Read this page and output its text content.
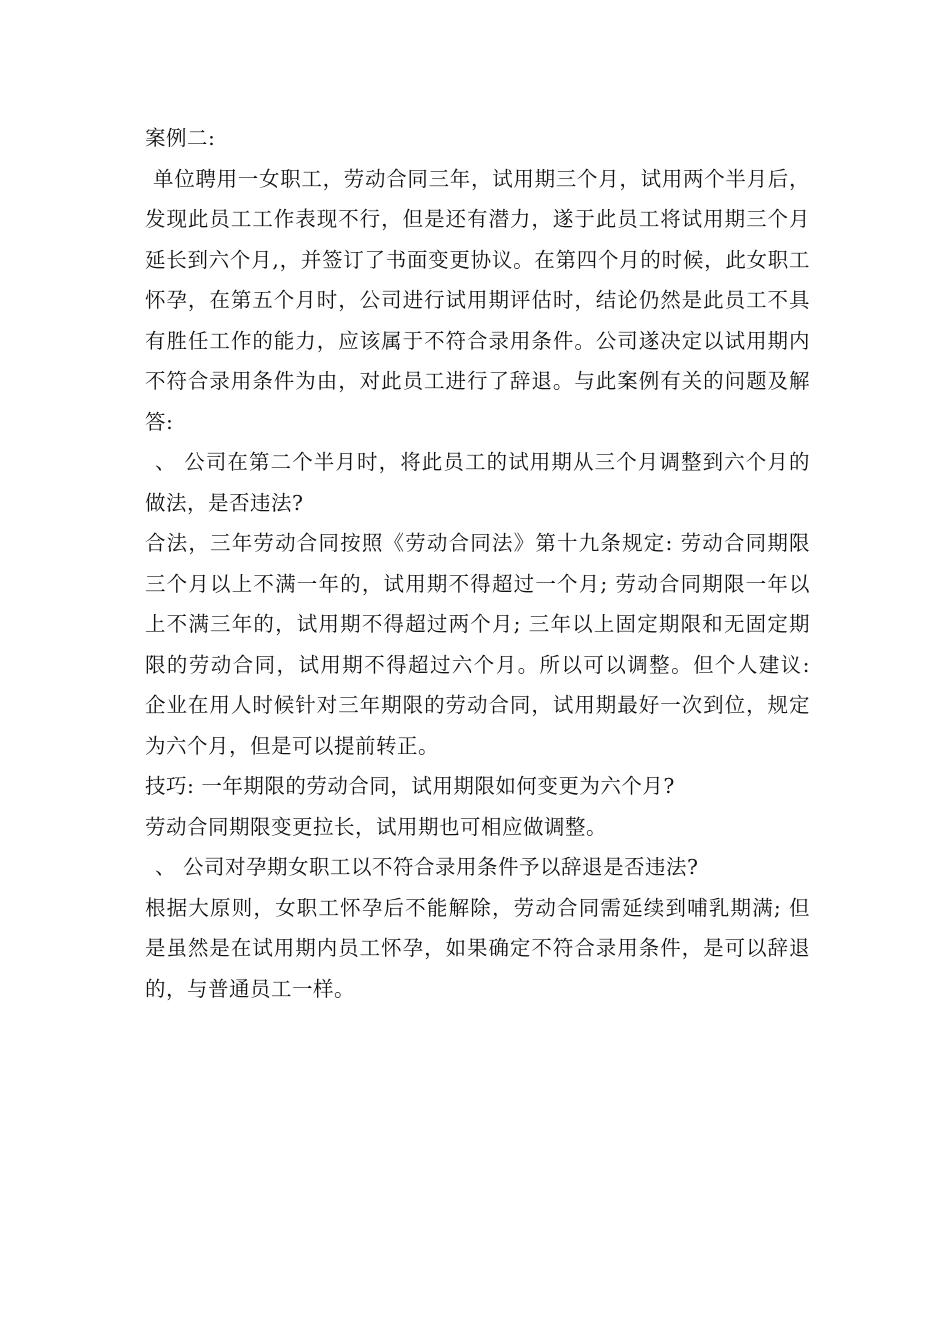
案例二:

单位聘用一女职工，劳动合同三年，试用期三个月，试用两个半月后，发现此员工工作表现不行，但是还有潜力，遂于此员工将试用期三个月延长到六个月,，并签订了书面变更协议。在第四个月的时候，此女职工怀孕，在第五个月时，公司进行试用期评估时，结论仍然是此员工不具有胜任工作的能力，应该属于不符合录用条件。公司遂决定以试用期内不符合录用条件为由，对此员工进行了辞退。与此案例有关的问题及解答:

、 公司在第二个半月时，将此员工的试用期从三个月调整到六个月的做法，是否违法?

合法，三年劳动合同按照《劳动合同法》第十九条规定: 劳动合同期限三个月以上不满一年的，试用期不得超过一个月; 劳动合同期限一年以上不满三年的，试用期不得超过两个月; 三年以上固定期限和无固定期限的劳动合同，试用期不得超过六个月。所以可以调整。但个人建议: 企业在用人时候针对三年期限的劳动合同，试用期最好一次到位，规定为六个月，但是可以提前转正。

技巧: 一年期限的劳动合同，试用期限如何变更为六个月?

劳动合同期限变更拉长，试用期也可相应做调整。

、 公司对孕期女职工以不符合录用条件予以辞退是否违法?

根据大原则，女职工怀孕后不能解除，劳动合同需延续到哺乳期满; 但是虽然是在试用期内员工怀孕，如果确定不符合录用条件，是可以辞退的，与普通员工一样。
